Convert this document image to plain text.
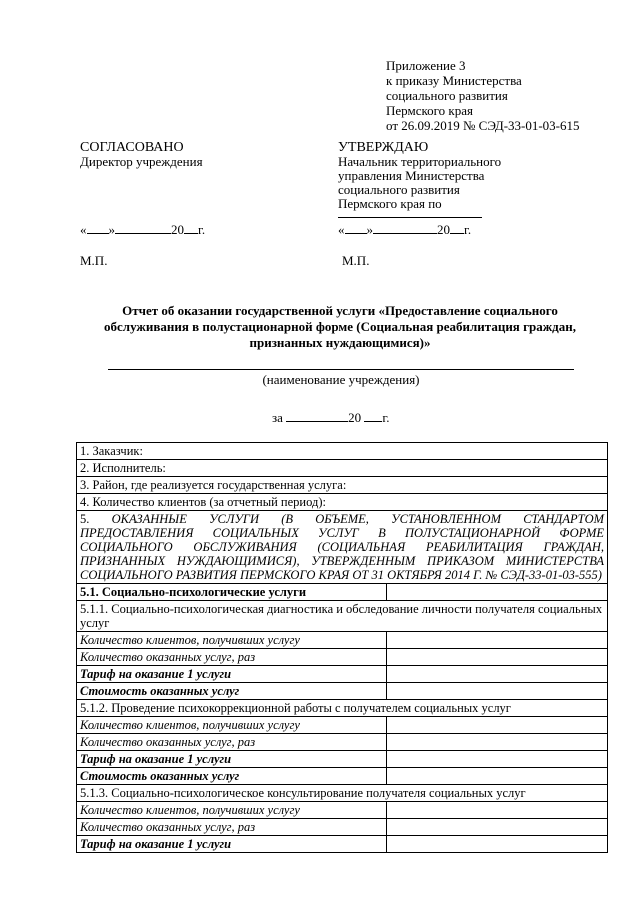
Приложение 3
к приказу Министерства
социального развития
Пермского края
от 26.09.2019 № СЭД-33-01-03-615
СОГЛАСОВАНО
Директор учреждения
« »	20 г.
М.П.
УТВЕРЖДАЮ
Начальник территориального
управления Министерства
социального развития
Пермского края по
« »	20 г.
М.П.
Отчет об оказании государственной услуги «Предоставление социального обслуживания в полустационарной форме (Социальная реабилитация граждан, признанных нуждающимися)»
(наименование учреждения)
за	20 г.
1. Заказчик:	
2. Исполнитель:	
3. Район, где реализуется государственная услуга:	
4. Количество клиентов (за отчетный период):	
5. ОКАЗАННЫЕ УСЛУГИ (В ОБЪЕМЕ, УСТАНОВЛЕННОМ СТАНДАРТОМ ПРЕДОСТАВЛЕНИЯ СОЦИАЛЬНЫХ УСЛУГ В ПОЛУСТАЦИОНАРНОЙ ФОРМЕ СОЦИАЛЬНОГО ОБСЛУЖИВАНИЯ (СОЦИАЛЬНАЯ РЕАБИЛИТАЦИЯ ГРАЖДАН, ПРИЗНАННЫХ НУЖДАЮЩИМИСЯ), УТВЕРЖДЕННЫМ ПРИКАЗОМ МИНИСТЕРСТВА СОЦИАЛЬНОГО РАЗВИТИЯ ПЕРМСКОГО КРАЯ ОТ 31 ОКТЯБРЯ 2014 Г. № СЭД-33-01-03-555)	
5.1. Социально-психологические услуги	
5.1.1. Социально-психологическая диагностика и обследование личности получателя социальных услуг	
Количество клиентов, получивших услугу	
Количество оказанных услуг, раз	
Тариф на оказание 1 услуги	
Стоимость оказанных услуг	
5.1.2. Проведение психокоррекционной работы с получателем социальных услуг	
Количество клиентов, получивших услугу	
Количество оказанных услуг, раз	
Тариф на оказание 1 услуги	
Стоимость оказанных услуг	
5.1.3. Социально-психологическое консультирование получателя социальных услуг	
Количество клиентов, получивших услугу	
Количество оказанных услуг, раз	
Тариф на оказание 1 услуги	
